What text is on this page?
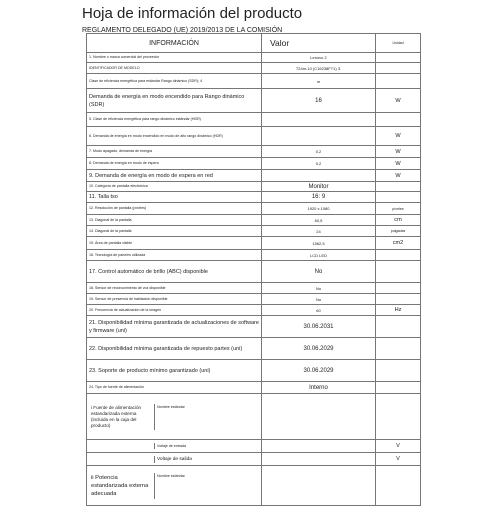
Hoja de información del producto
REGLAMENTO DELEGADO (UE) 2019/2013 DE LA COMISIÓN
INFORMACIÓN	Valor	Unidad
1. Nombre o marca comercial del proveedor	Lenovo 2	
IDENTIFICADOR DE MODELO	T24m-10 (C16238FT1) 3.	
Clase de eficiencia energética para estándar Rango dinámico (SDR); 4	m	
Demanda de energía en modo encendido para Rango dinámico (SDR)	16	W
5. Clase de eficiencia energética para rango dinámico estándar (HDR)		
6. Demanda de energía en modo encendido en modo de alto rango dinámico (HDR)		W
7. Modo apagado, demanda de energía	0,2	W
8. Demanda de energía en modo de espera	0,2	W
9. Demanda de energía en modo de espera en red		W
10. Categoría de pantalla electrónica	Monitor	
11. Talla tso	16: 9	
12. Resolución de pantalla (píxeles)	1920 x 1080	píxeles
13. Diagonal de la pantalla	60,5	cm
14. Diagonal de la pantalla	24	pulgadas
15. Área de pantalla visible	1562,5	cm2
16. Tecnología de paneles utilizada	LCD LED	
17. Control automático de brillo (ABC) disponible	No	
18. Sensor de reconocimiento de voz disponible	No	
19. Sensor de presencia de habitación disponible	No	
20. Frecuencia de actualización de la imagen	60	Hz
21. Disponibilidad mínima garantizada de actualizaciones de software y firmware (uni)	30.06.2031	
22. Disponibilidad mínima garantizada de repuesto partes (uni)	30.06.2029	
23. Soporte de producto mínimo garantizado (uni)	30.06.2029	
24. Tipo de fuente de alimentación	Interno	

i Fuente de alimentación estandarizada externa (incluida en la caja del producto)
Nombre estándar		

Voltaje de entrada		V

Voltaje de salida		V

ii Potencia estandarizada externa adecuada
Nombre estándar		
